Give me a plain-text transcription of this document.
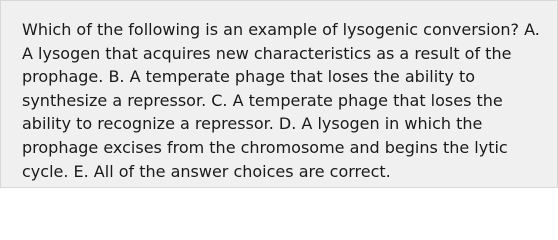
Which of the following is an example of lysogenic conversion? A. A lysogen that acquires new characteristics as a result of the prophage. B. A temperate phage that loses the ability to synthesize a repressor. C. A temperate phage that loses the ability to recognize a repressor. D. A lysogen in which the prophage excises from the chromosome and begins the lytic cycle. E. All of the answer choices are correct.
